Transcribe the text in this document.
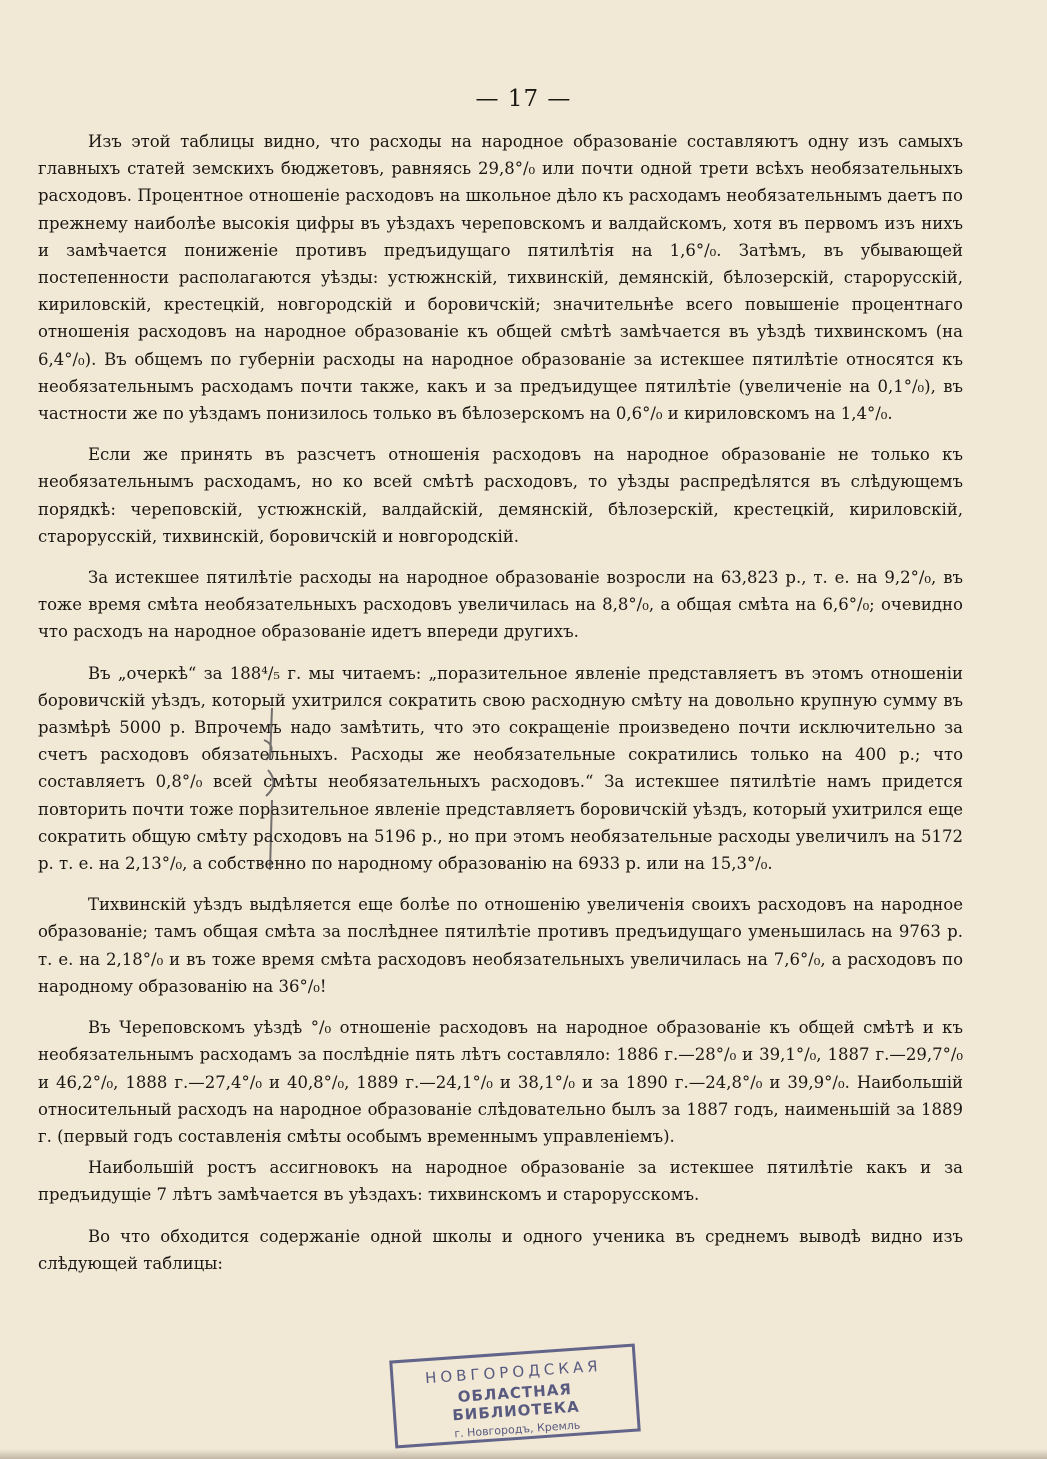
— 17 —

Изъ этой таблицы видно, что расходы на народное образованіе составляютъ одну изъ самыхъ главныхъ статей земскихъ бюджетовъ, равняясь 29,8°/₀ или почти одной трети всѣхъ необязательныхъ расходовъ. Процентное отношеніе расходовъ на школьное дѣло къ расходамъ необязательнымъ даетъ по прежнему наиболѣе высокія цифры въ уѣздахъ череповскомъ и валдайскомъ, хотя въ первомъ изъ нихъ и замѣчается пониженіе противъ предъидущаго пятилѣтія на 1,6°/₀. Затѣмъ, въ убывающей постепенности располагаются уѣзды: устюжнскій, тихвинскій, демянскій, бѣлозерскій, старорусскій, кириловскій, крестецкій, новгородскій и боровичскій; значительнѣе всего повышеніе процентнаго отношенія расходовъ на народное образованіе къ общей смѣтѣ замѣчается въ уѣздѣ тихвинскомъ (на 6,4°/₀). Въ общемъ по губерніи расходы на народное образованіе за истекшее пятилѣтіе относятся къ необязательнымъ расходамъ почти также, какъ и за предъидущее пятилѣтіе (увеличеніе на 0,1°/₀), въ частности же по уѣздамъ понизилось только въ бѣлозерскомъ на 0,6°/₀ и кириловскомъ на 1,4°/₀.

Если же принять въ разсчетъ отношенія расходовъ на народное образованіе не только къ необязательнымъ расходамъ, но ко всей смѣтѣ расходовъ, то уѣзды распредѣлятся въ слѣдующемъ порядкѣ: череповскій, устюжнскій, валдайскій, демянскій, бѣлозерскій, крестецкій, кириловскій, старорусскій, тихвинскій, боровичскій и новгородскій.

За истекшее пятилѣтіе расходы на народное образованіе возросли на 63,823 р., т. е. на 9,2°/₀, въ тоже время смѣта необязательныхъ расходовъ увеличилась на 8,8°/₀, а общая смѣта на 6,6°/₀; очевидно что расходъ на народное образованіе идетъ впереди другихъ.

Въ „очеркѣ“ за 188⁴/₅ г. мы читаемъ: „поразительное явленіе представляетъ въ этомъ отношеніи боровичскій уѣздъ, который ухитрился сократить свою расходную смѣту на довольно крупную сумму въ размѣрѣ 5000 р. Впрочемъ надо замѣтить, что это сокращеніе произведено почти исключительно за счетъ расходовъ обязательныхъ. Расходы же необязательные сократились только на 400 р.; что составляетъ 0,8°/₀ всей смѣты необязательныхъ расходовъ.“ За истекшее пятилѣтіе намъ придется повторить почти тоже поразительное явленіе представляетъ боровичскій уѣздъ, который ухитрился еще сократить общую смѣту расходовъ на 5196 р., но при этомъ необязательные расходы увеличилъ на 5172 р. т. е. на 2,13°/₀, а собственно по народному образованію на 6933 р. или на 15,3°/₀.

Тихвинскій уѣздъ выдѣляется еще болѣе по отношенію увеличенія своихъ расходовъ на народное образованіе; тамъ общая смѣта за послѣднее пятилѣтіе противъ предъидущаго уменьшилась на 9763 р. т. е. на 2,18°/₀ и въ тоже время смѣта расходовъ необязательныхъ увеличилась на 7,6°/₀, а расходовъ по народному образованію на 36°/₀!

Въ Череповскомъ уѣздѣ °/₀ отношеніе расходовъ на народное образованіе къ общей смѣтѣ и къ необязательнымъ расходамъ за послѣдніе пять лѣтъ составляло: 1886 г.—28°/₀ и 39,1°/₀, 1887 г.—29,7°/₀ и 46,2°/₀, 1888 г.—27,4°/₀ и 40,8°/₀, 1889 г.—24,1°/₀ и 38,1°/₀ и за 1890 г.—24,8°/₀ и 39,9°/₀. Наибольшій относительный расходъ на народное образованіе слѣдовательно былъ за 1887 годъ, наименьшій за 1889 г. (первый годъ составленія смѣты особымъ временнымъ управленіемъ).

Наибольшій ростъ ассигновокъ на народное образованіе за истекшее пятилѣтіе какъ и за предъидущіе 7 лѣтъ замѣчается въ уѣздахъ: тихвинскомъ и старорусскомъ.

Во что обходится содержаніе одной школы и одного ученика въ среднемъ выводѣ видно изъ слѣдующей таблицы:

НОВГОРОДСКАЯ
ОБЛАСТНАЯ БИБЛИОТЕКА
г. Новгородъ, Кремль
